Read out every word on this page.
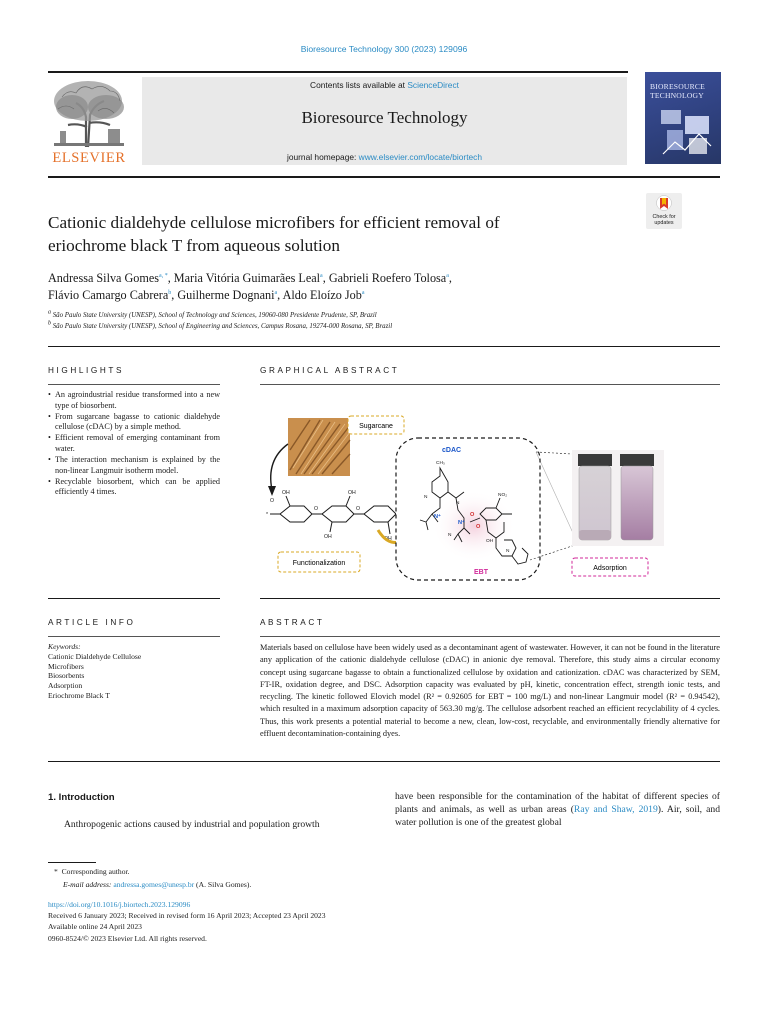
Bioresource Technology 300 (2023) 129096
ELSEVIER
Contents lists available at ScienceDirect
Bioresource Technology
journal homepage: www.elsevier.com/locate/biortech
BIORESOURCE
TECHNOLOGY
Check for
updates
Cationic dialdehyde cellulose microfibers for efficient removal of
eriochrome black T from aqueous solution
Andressa Silva Gomes$^{a, *}$, Maria Vitória Guimarães Leal$^a$, Gabrieli Roefero Tolosa$^a$,
Flávio Camargo Cabrera$^b$, Guilherme Dognani$^a$, Aldo Eloízo Job$^a$
$^a$ São Paulo State University (UNESP), School of Technology and Sciences, 19060-080 Presidente Prudente, SP, Brazil
$^b$ São Paulo State University (UNESP), School of Engineering and Sciences, Campus Rosana, 19274-000 Rosana, SP, Brazil
HIGHLIGHTS
• An agroindustrial residue transformed into a new type of biosorbent.
• From sugarcane bagasse to cationic dialdehyde cellulose (cDAC) by a simple method.
• Efficient removal of emerging contaminant from water.
• The interaction mechanism is explained by the non-linear Langmuir isotherm model.
• Recyclable biosorbent, which can be applied efficiently 4 times.
GRAPHICAL ABSTRACT
Sugarcane
*
OH	OH
OH	OH
O
O	O
Functionalization
cDAC
CH₃
N
N
N
NO₂
OH
N
N⁺
N⁺
O
O
EBT
Adsorption
ARTICLE INFO
Keywords:
Cationic Dialdehyde Cellulose
Microfibers
Biosorbents
Adsorption
Eriochrome Black T
ABSTRACT
Materials based on cellulose have been widely used as a decontaminant agent of wastewater. However, it can not be found in the literature any application of the cationic dialdehyde cellulose (cDAC) in anionic dye removal. Therefore, this study aims a circular economy concept using sugarcane bagasse to obtain a functionalized cellulose by oxidation and cationization. cDAC was characterized by SEM, FT-IR, oxidation degree, and DSC. Adsorption capacity was evaluated by pH, kinetic, concentration effect, strength ionic tests, and recycling. The kinetic followed Elovich model (R² = 0.92605 for EBT = 100 mg/L) and non-linear Langmuir model (R² = 0.94542), which resulted in a maximum adsorption capacity of 563.30 mg/g. The cellulose adsorbent reached an efficient recyclability of 4 cycles. Thus, this work presents a potential material to become a new, clean, low-cost, recyclable, and environmentally friendly alternative for effluent decontamination-containing dyes.
1. Introduction
Anthropogenic actions caused by industrial and population growth
have been responsible for the contamination of the habitat of different species of plants and animals, as well as urban areas (Ray and Shaw, 2019). Air, soil, and water pollution is one of the greatest global
*  Corresponding author.
E-mail address: andressa.gomes@unesp.br (A. Silva Gomes).
https://doi.org/10.1016/j.biortech.2023.129096
Received 6 January 2023; Received in revised form 16 April 2023; Accepted 23 April 2023
Available online 24 April 2023
0960-8524/© 2023 Elsevier Ltd. All rights reserved.
